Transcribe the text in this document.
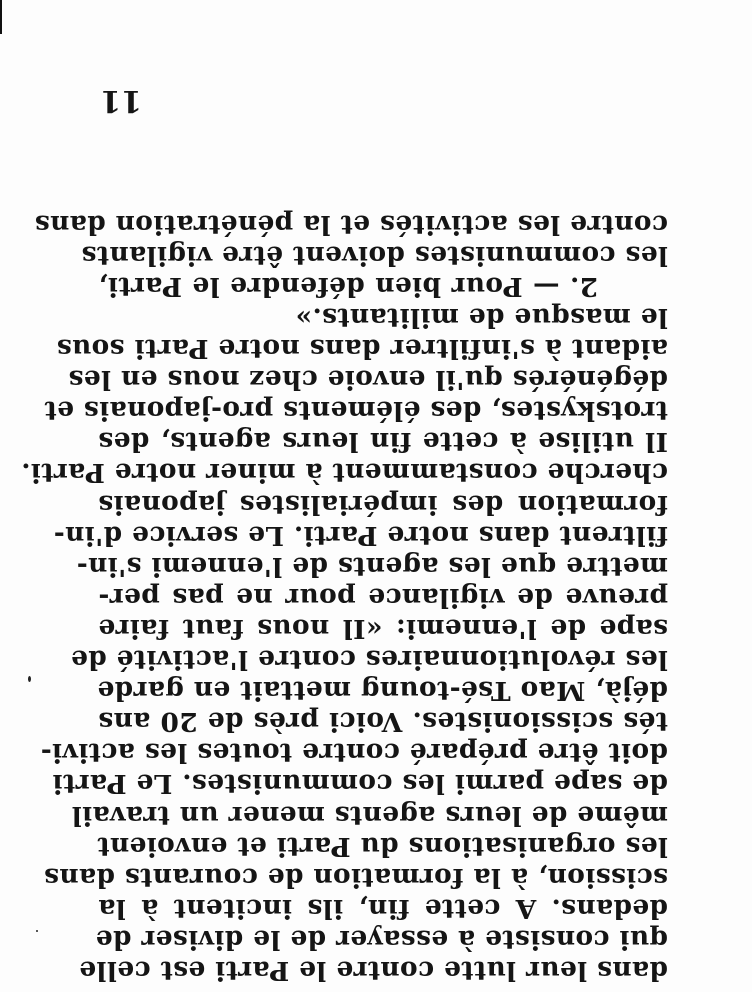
dans leur lutte contre le Parti est celle
qui consiste à essayer de le diviser de
dedans. A cette fin, ils incitent à la
scission, à la formation de courants dans
les organisations du Parti et envoient
même de leurs agents mener un travail
de sape parmi les communistes. Le Parti
doit être préparé contre toutes les activi-
tés scissionistes. Voici près de 20 ans
déjà, Mao Tsé-toung mettait en garde
les révolutionnaires contre l'activité de
sape de l'ennemi: «Il nous faut faire
preuve de vigilance pour ne pas per-
mettre que les agents de l'ennemi s'in-
filtrent dans notre Parti. Le service d'in-
formation des impérialistes japonais
cherche constamment à miner notre Parti.
Il utilise à cette fin leurs agents, des
trotskystes, des éléments pro-japonais et
dégénérés qu'il envoie chez nous en les
aidant à s'infiltrer dans notre Parti sous
le masque de militants.»
2. — Pour bien défendre le Parti,
les communistes doivent être vigilants
contre les activités et la pénétration dans
11
